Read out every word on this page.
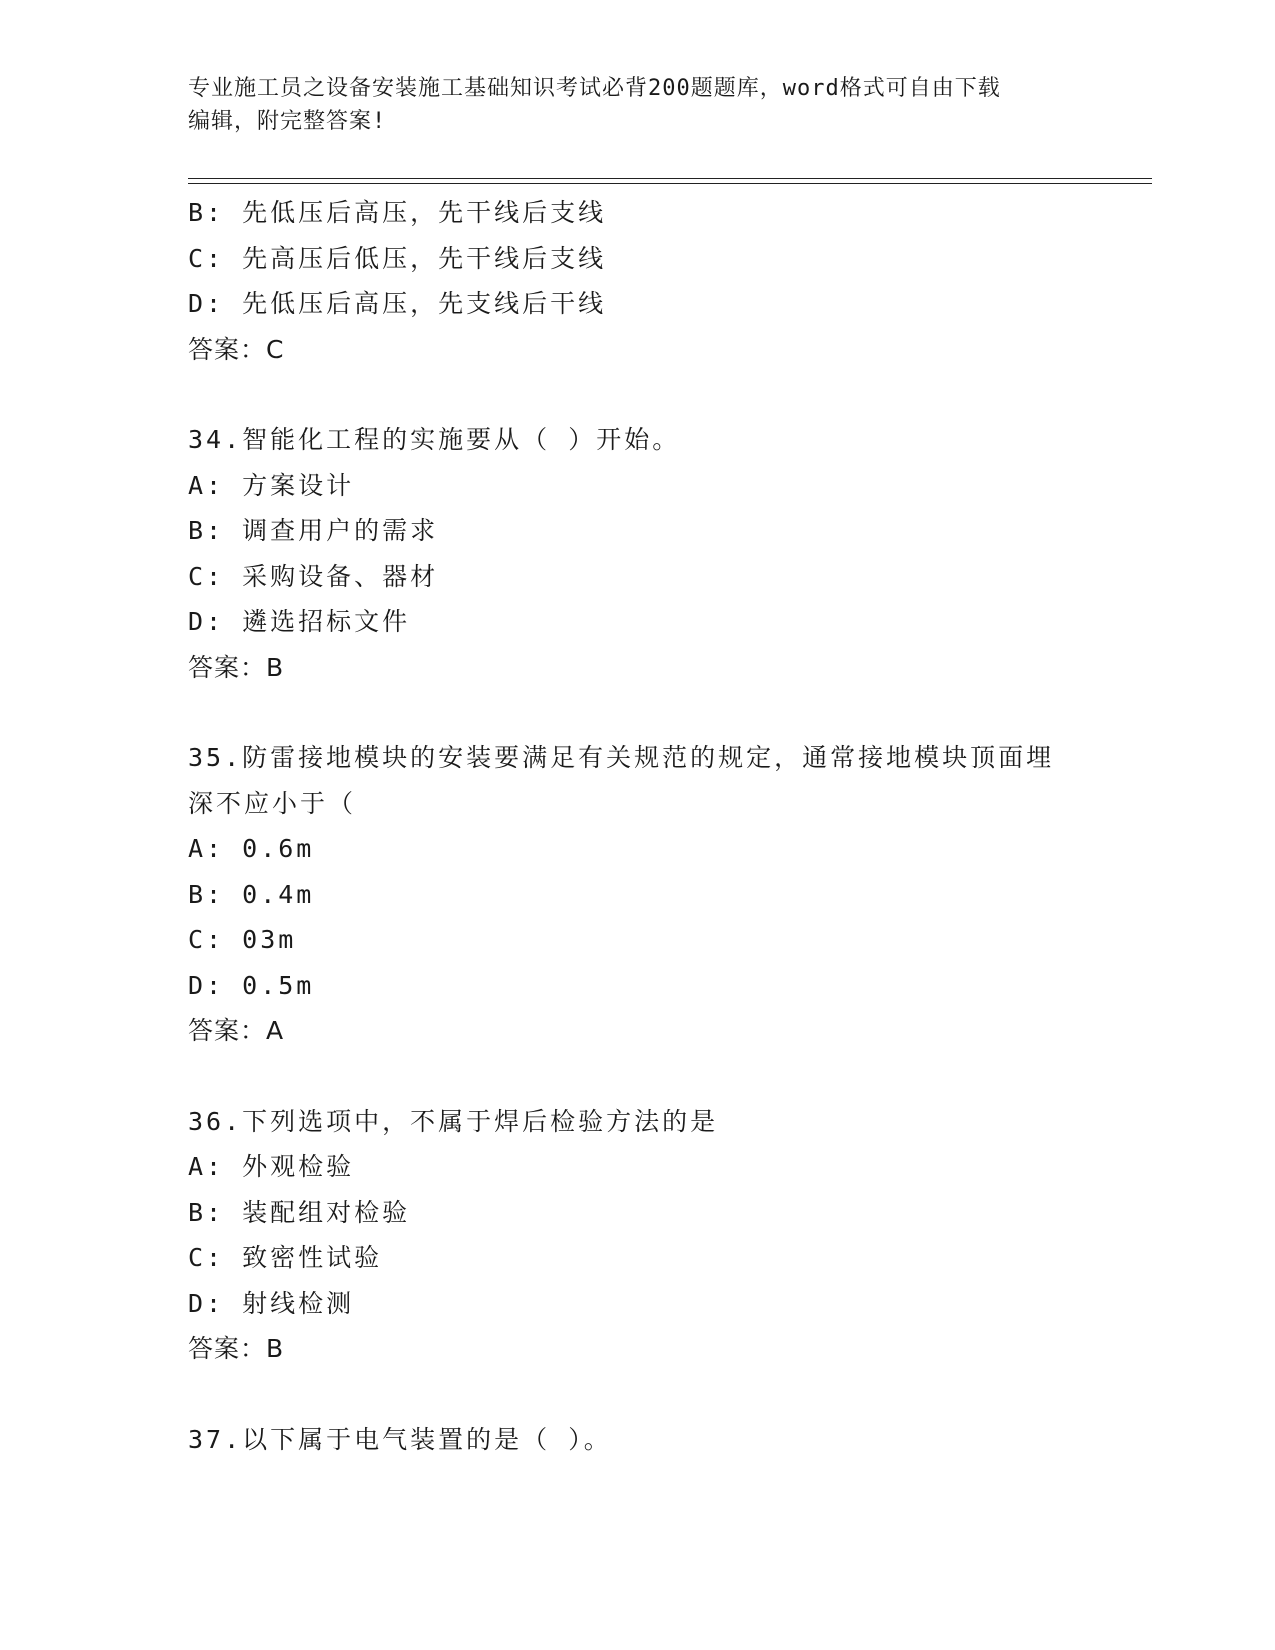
专业施工员之设备安装施工基础知识考试必背200题题库，word格式可自由下载
编辑，附完整答案!
B: 先低压后高压，先干线后支线
C: 先高压后低压，先干线后支线
D: 先低压后高压，先支线后干线
答案：C
34.智能化工程的实施要从（ ）开始。
A: 方案设计
B: 调查用户的需求
C: 采购设备、器材
D: 遴选招标文件
答案：B
35.防雷接地模块的安装要满足有关规范的规定，通常接地模块顶面埋
深不应小于（
A: 0.6m
B: 0.4m
C: 03m
D: 0.5m
答案：A
36.下列选项中，不属于焊后检验方法的是
A: 外观检验
B: 装配组对检验
C: 致密性试验
D: 射线检测
答案：B
37.以下属于电气装置的是（ ）。
